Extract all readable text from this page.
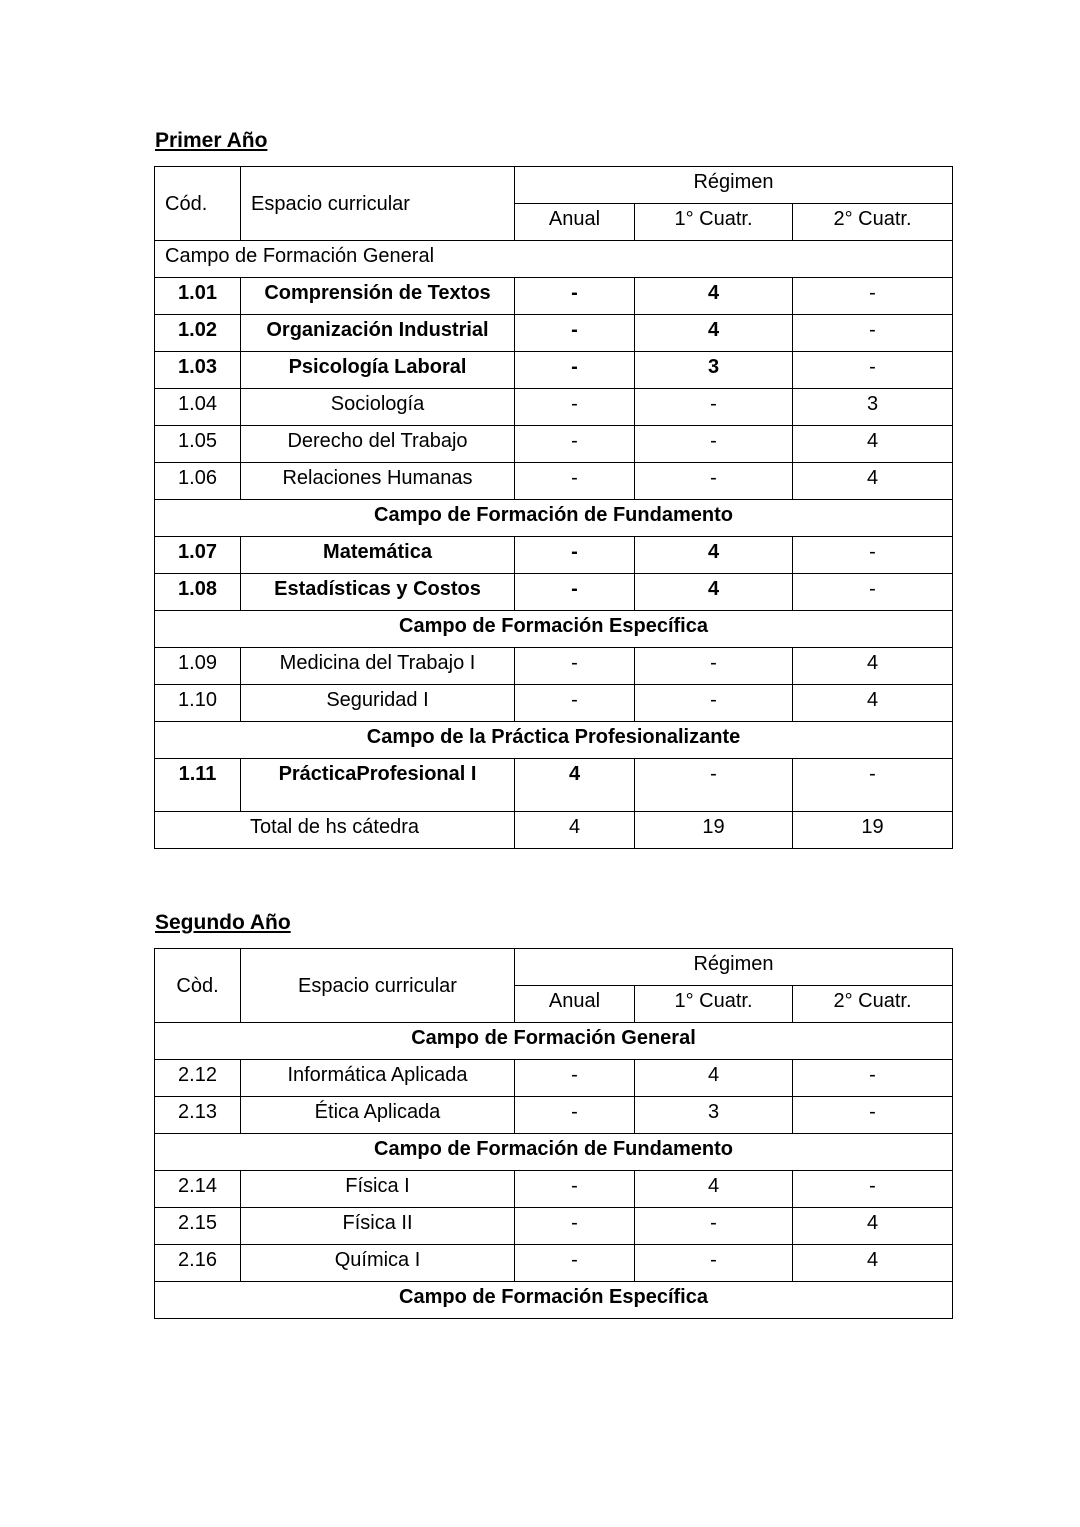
Primer Año
Cód.	Espacio curricular	Régimen		
		Anual	1° Cuatr.	2° Cuatr.
Campo de Formación General				
1.01	Comprensión de Textos	-	4	-
1.02	Organización Industrial	-	4	-
1.03	Psicología Laboral	-	3	-
1.04	Sociología	-	-	3
1.05	Derecho del Trabajo	-	-	4
1.06	Relaciones Humanas	-	-	4
Campo de Formación de Fundamento				
1.07	Matemática	-	4	-
1.08	Estadísticas y Costos	-	4	-
Campo de Formación Específica				
1.09	Medicina del Trabajo I	-	-	4
1.10	Seguridad I	-	-	4
Campo de la Práctica Profesionalizante				
1.11	PrácticaProfesional I	4	-	-
Total de hs cátedra		4	19	19
Segundo Año
Còd.	Espacio curricular	Régimen		
		Anual	1° Cuatr.	2° Cuatr.
Campo de Formación General				
2.12	Informática Aplicada	-	4	-
2.13	Ética Aplicada	-	3	-
Campo de Formación de Fundamento				
2.14	Física I	-	4	-
2.15	Física II	-	-	4
2.16	Química I	-	-	4
Campo de Formación Específica				
